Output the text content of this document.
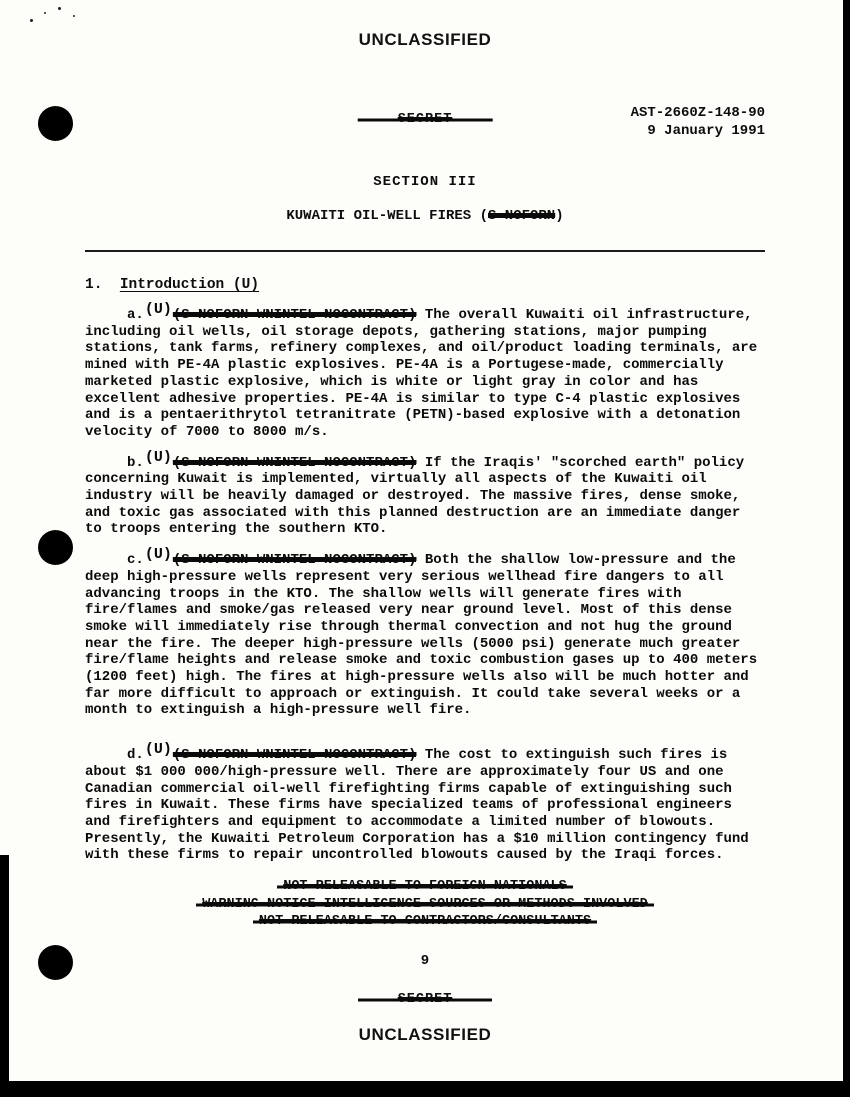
UNCLASSIFIED
SECRET	AST-2660Z-148-90
9 January 1991
SECTION III
KUWAITI OIL-WELL FIRES (S NOFORN)
1. Introduction (U)

a.(U)(S NOFORN WNINTEL NOCONTRACT) The overall Kuwaiti oil infrastructure, including oil wells, oil storage depots, gathering stations, major pumping stations, tank farms, refinery complexes, and oil/product loading terminals, are mined with PE-4A plastic explosives. PE-4A is a Portugese-made, commercially marketed plastic explosive, which is white or light gray in color and has excellent adhesive properties. PE-4A is similar to type C-4 plastic explosives and is a pentaerithrytol tetranitrate (PETN)-based explosive with a detonation velocity of 7000 to 8000 m/s.

b.(U)(S NOFORN WNINTEL NOCONTRACT) If the Iraqis' "scorched earth" policy concerning Kuwait is implemented, virtually all aspects of the Kuwaiti oil industry will be heavily damaged or destroyed. The massive fires, dense smoke, and toxic gas associated with this planned destruction are an immediate danger to troops entering the southern KTO.

c.(U)(S NOFORN WNINTEL NOCONTRACT) Both the shallow low-pressure and the deep high-pressure wells represent very serious wellhead fire dangers to all advancing troops in the KTO. The shallow wells will generate fires with fire/flames and smoke/gas released very near ground level. Most of this dense smoke will immediately rise through thermal convection and not hug the ground near the fire. The deeper high-pressure wells (5000 psi) generate much greater fire/flame heights and release smoke and toxic combustion gases up to 400 meters (1200 feet) high. The fires at high-pressure wells also will be much hotter and far more difficult to approach or extinguish. It could take several weeks or a month to extinguish a high-pressure well fire.

d.(U)(S NOFORN WNINTEL NOCONTRACT) The cost to extinguish such fires is about $1 000 000/high-pressure well. There are approximately four US and one Canadian commercial oil-well firefighting firms capable of extinguishing such fires in Kuwait. These firms have specialized teams of professional engineers and firefighters and equipment to accommodate a limited number of blowouts. Presently, the Kuwaiti Petroleum Corporation has a $10 million contingency fund with these firms to repair uncontrolled blowouts caused by the Iraqi forces.

NOT RELEASABLE TO FOREIGN NATIONALS
WARNING NOTICE—INTELLIGENCE SOURCES OR METHODS INVOLVED
NOT RELEASABLE TO CONTRACTORS/CONSULTANTS
9
SECRET
UNCLASSIFIED
